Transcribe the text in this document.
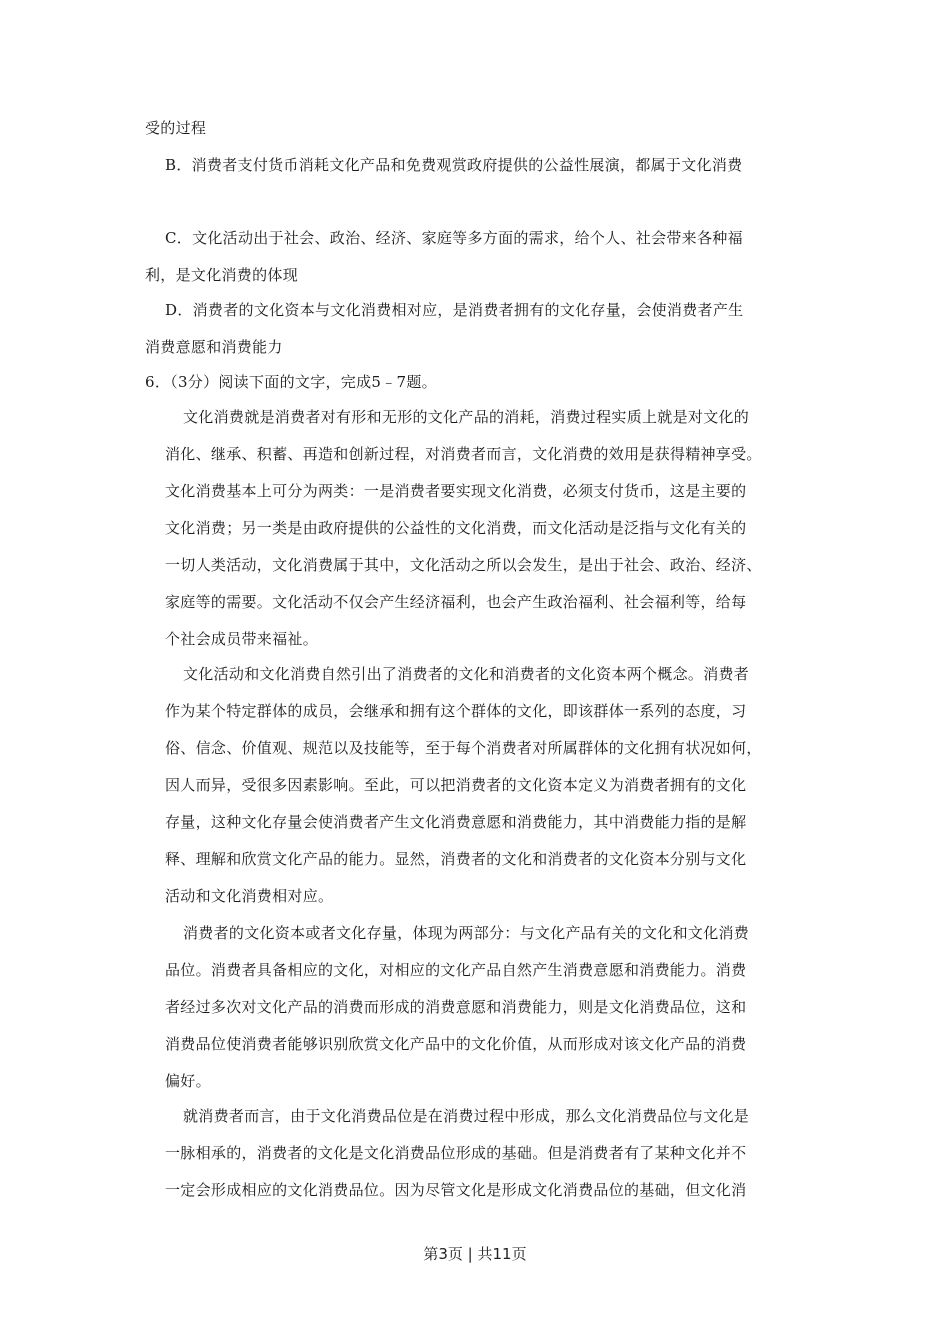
受的过程
B．消费者支付货币消耗文化产品和免费观赏政府提供的公益性展演，都属于文化消费
C．文化活动出于社会、政治、经济、家庭等多方面的需求，给个人、社会带来各种福
利，是文化消费的体现
D．消费者的文化资本与文化消费相对应，是消费者拥有的文化存量，会使消费者产生
消费意愿和消费能力
6．（3分）阅读下面的文字，完成5﹣7题。
文化消费就是消费者对有形和无形的文化产品的消耗，消费过程实质上就是对文化的
消化、继承、积蓄、再造和创新过程，对消费者而言，文化消费的效用是获得精神享受。
文化消费基本上可分为两类：一是消费者要实现文化消费，必须支付货币，这是主要的
文化消费；另一类是由政府提供的公益性的文化消费，而文化活动是泛指与文化有关的
一切人类活动，文化消费属于其中，文化活动之所以会发生，是出于社会、政治、经济、
家庭等的需要。文化活动不仅会产生经济福利，也会产生政治福利、社会福利等，给每
个社会成员带来福祉。
文化活动和文化消费自然引出了消费者的文化和消费者的文化资本两个概念。消费者
作为某个特定群体的成员，会继承和拥有这个群体的文化，即该群体一系列的态度，习
俗、信念、价值观、规范以及技能等，至于每个消费者对所属群体的文化拥有状况如何，
因人而异，受很多因素影响。至此，可以把消费者的文化资本定义为消费者拥有的文化
存量，这种文化存量会使消费者产生文化消费意愿和消费能力，其中消费能力指的是解
释、理解和欣赏文化产品的能力。显然，消费者的文化和消费者的文化资本分别与文化
活动和文化消费相对应。
消费者的文化资本或者文化存量，体现为两部分：与文化产品有关的文化和文化消费
品位。消费者具备相应的文化，对相应的文化产品自然产生消费意愿和消费能力。消费
者经过多次对文化产品的消费而形成的消费意愿和消费能力，则是文化消费品位，这和
消费品位使消费者能够识别欣赏文化产品中的文化价值，从而形成对该文化产品的消费
偏好。
就消费者而言，由于文化消费品位是在消费过程中形成，那么文化消费品位与文化是
一脉相承的，消费者的文化是文化消费品位形成的基础。但是消费者有了某种文化并不
一定会形成相应的文化消费品位。因为尽管文化是形成文化消费品位的基础，但文化消
第3页 | 共11页
